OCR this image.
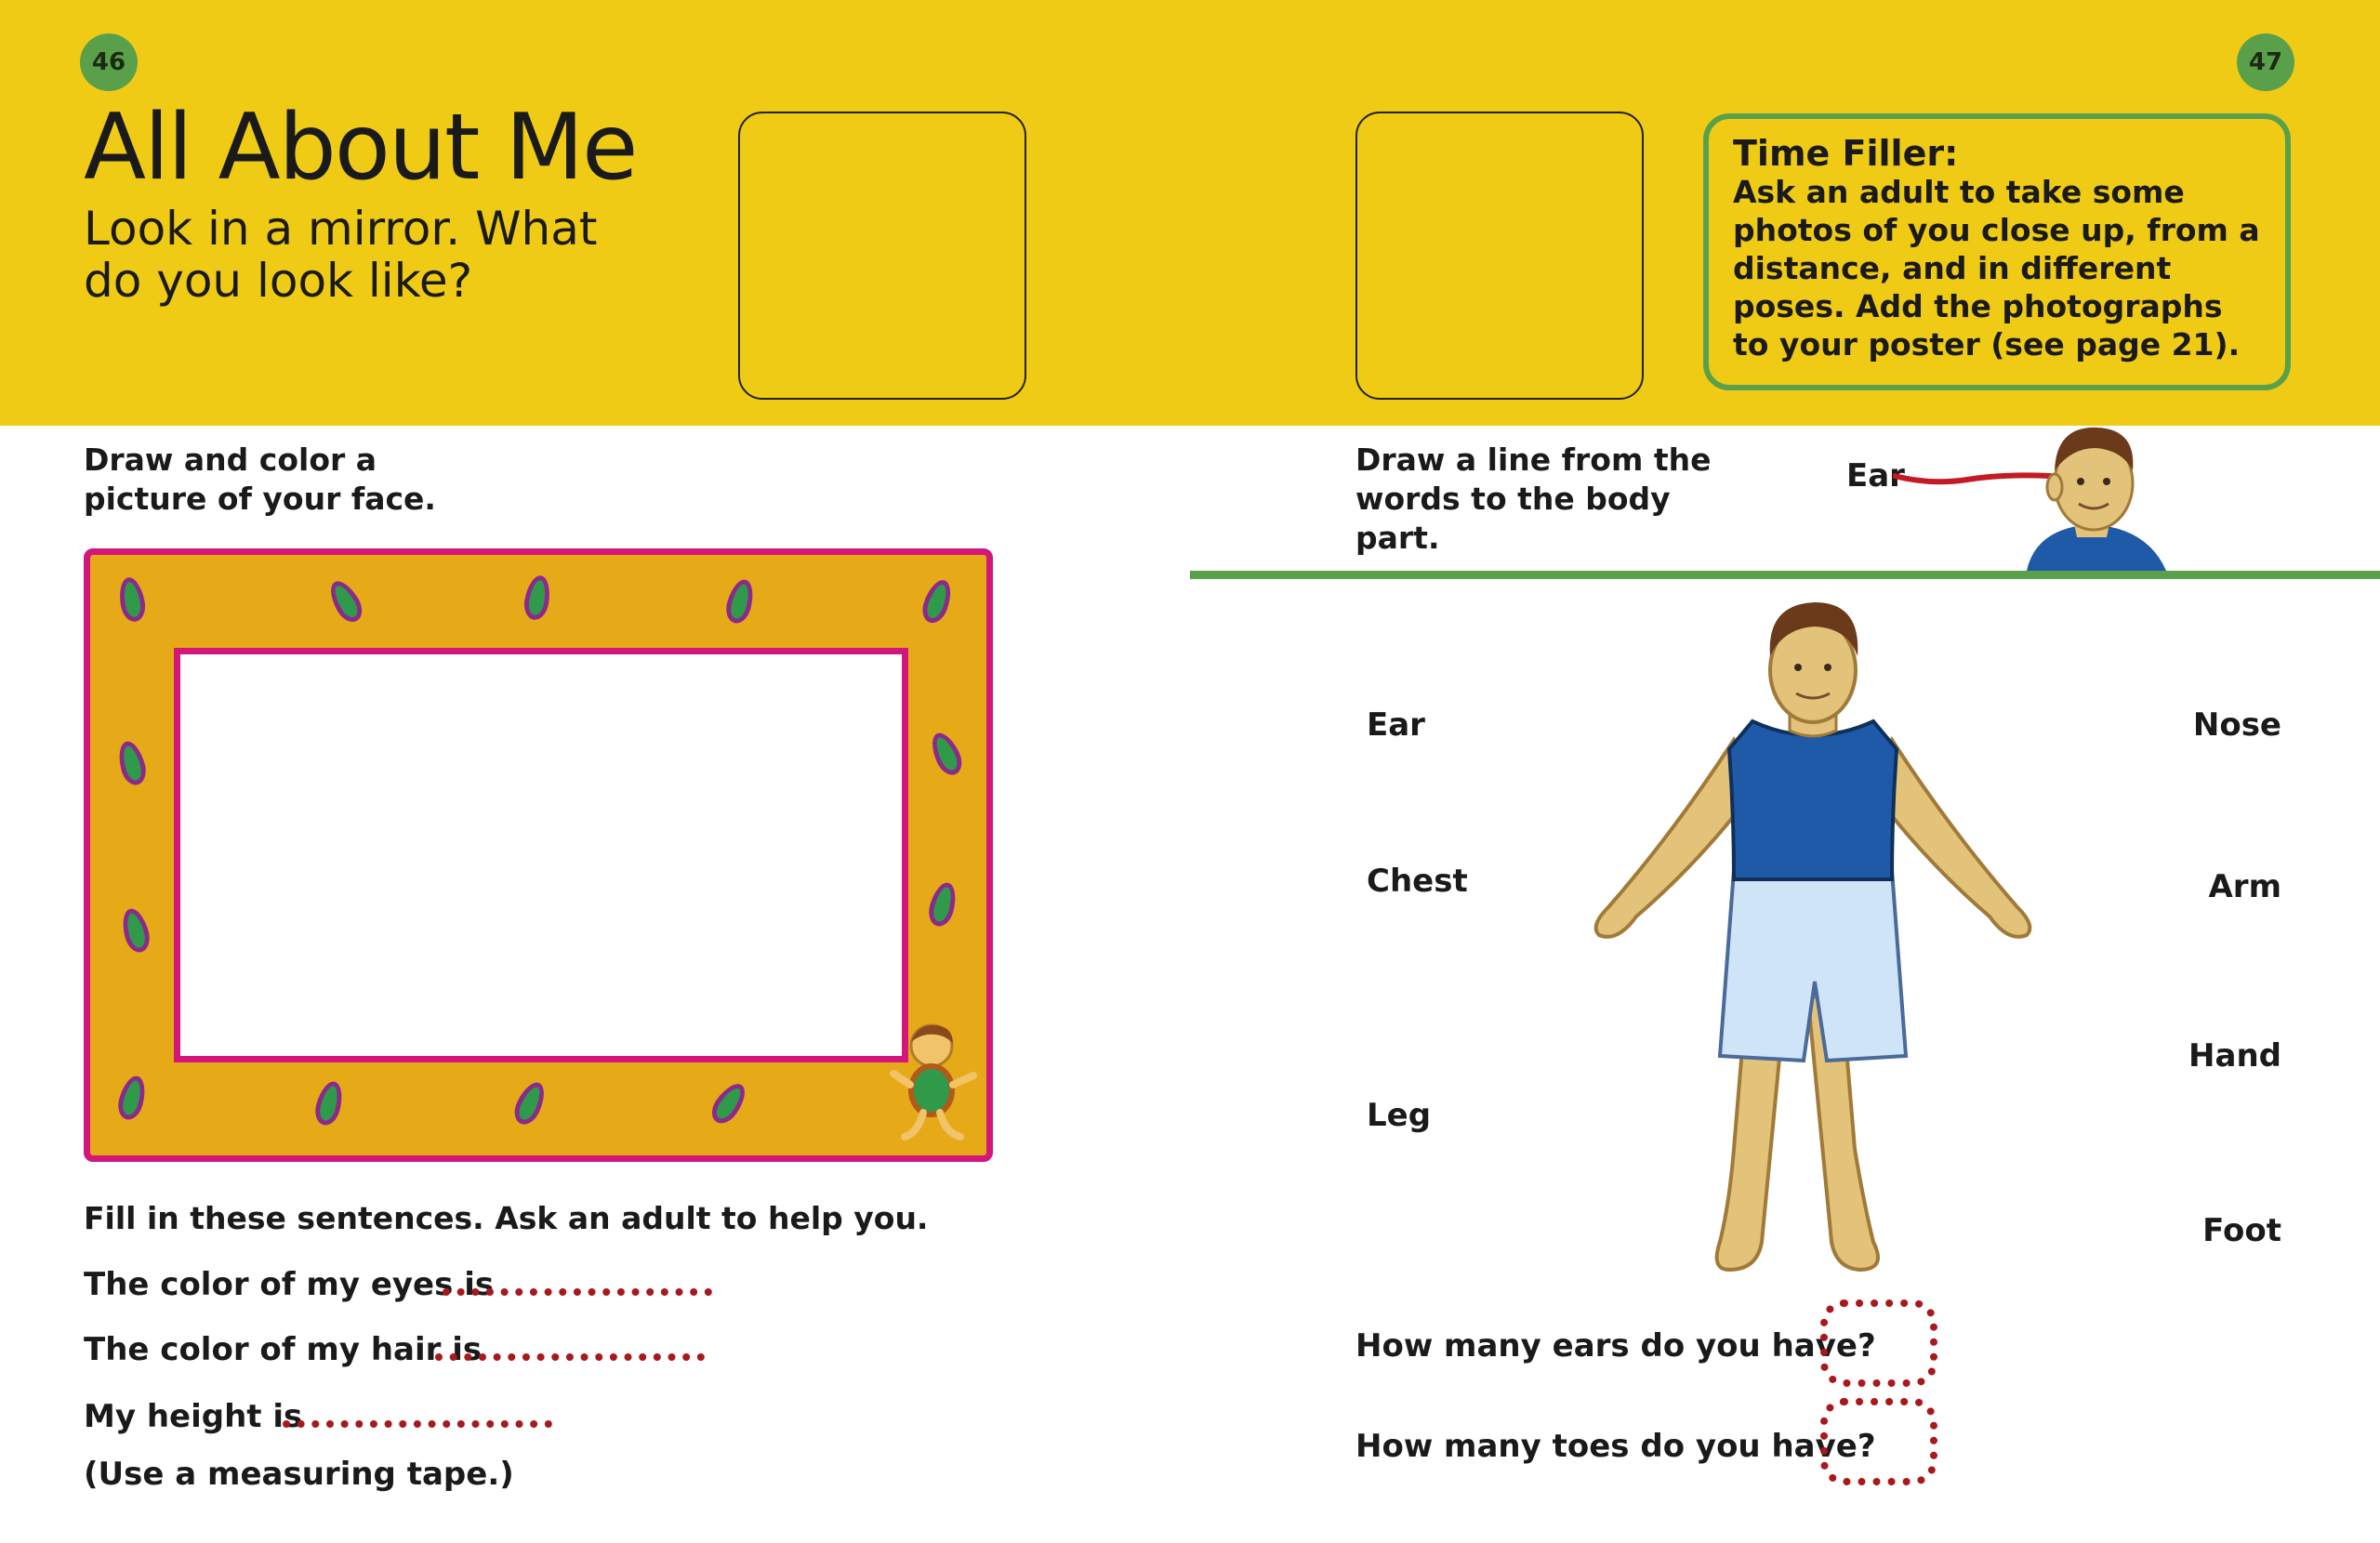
46	47
All About Me
Look in a mirror. What do you look like?
Time Filler:
Ask an adult to take some photos of you close up, from a distance, and in different poses. Add the photographs to your poster (see page 21).
Draw and color a picture of your face.
Fill in these sentences. Ask an adult to help you.
The color of my eyes is
The color of my hair is
My height is
(Use a measuring tape.)
Draw a line from the words to the body part.
Ear
Ear
Chest
Leg
Nose
Arm
Hand
Foot
How many ears do you have?
How many toes do you have?
